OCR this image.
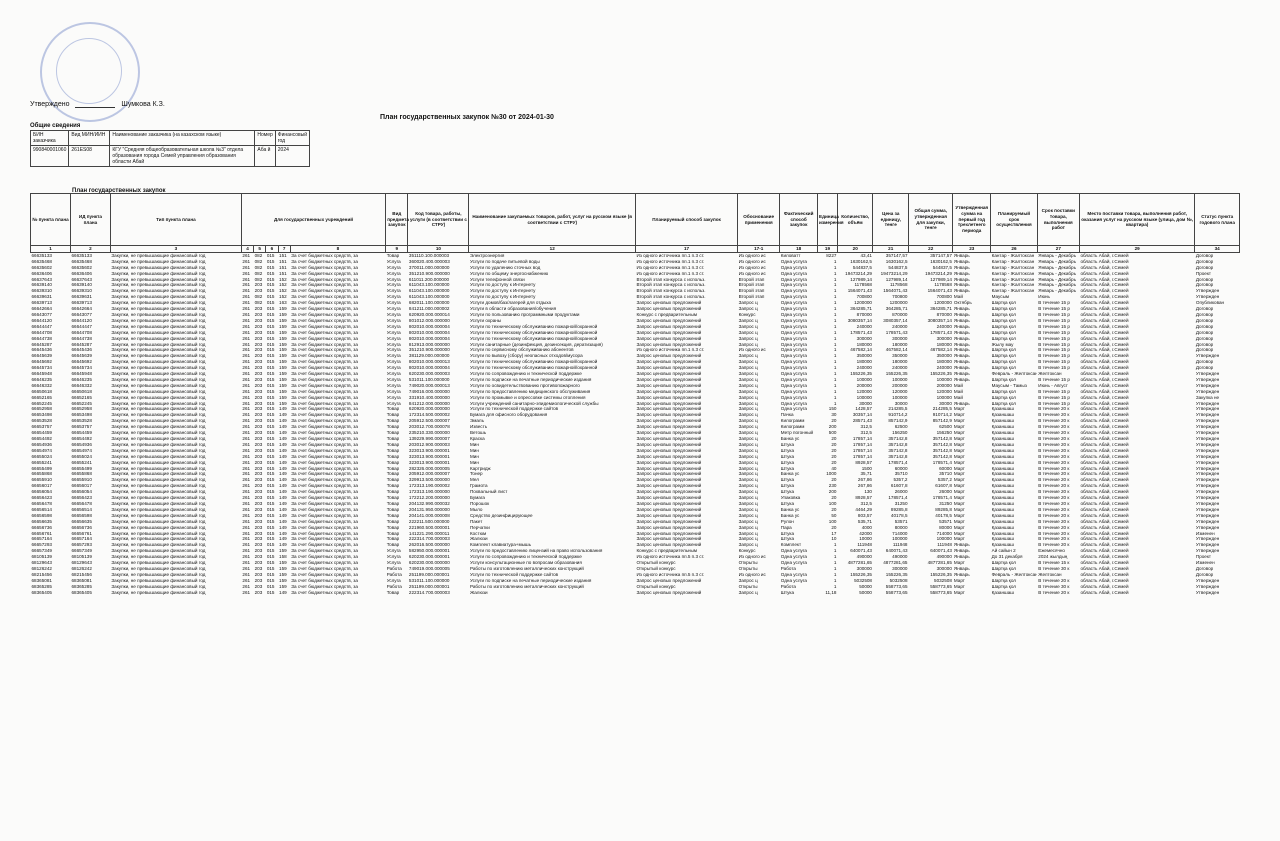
Утверждено	Шумкова К.З.
План государственных закупок №30 от 2024-01-30
Общие сведения
БИН заказчика	Вид МИН/ИИН	Наименование заказчика (на казахском языке)	Номер	Финансовый год
990840001060	261ES08	КГУ "Средняя общеобразовательная школа №3" отдела образования города Семей управления образования области Абай	Аба й	2024
План государственных закупок
№ пункта плана	ИД пункта плана	Тип пункта плана	Для государственных учреждений					Вид предмета закупок	Код товара, работы, услуги (в соответствии с СТРУ)	Наименование закупаемых товаров, работ, услуг на русском языке (в соответствии с СТРУ)	Планируемый способ закупок	Обоснование применения	Фактический способ закупок	Единица измерения	Количество, объём	Цена за единицу, тенге	Общая сумма, утвержденная для закупки, тенге	Утвержденная сумма на первый год трехлетнего периода	Планируемый срок осуществления	Срок поставки товара, выполнения работ	Место поставки товара, выполнения работ, оказания услуг на русском языке (улица, дом №, квартира)	Статус пункта годового плана
1	2	3	4	5	6	7	8	9	10	12	17	17-1	18	19	20	21	22	23	26	27	29	34
66635133	66635133	Закупки, не превышающие финансовый год	261	082	015	151	За счет бюджетных средств, за	Товар	351110.100.000003	Электроэнергия	Из одного источника пп.1 п.3 ст.	Из одного ис	Киловатт	8227	43,41	357147,57	357147,57	Январь	Кантар - Жалтоксан	Январь - Декабрь	область Абай, г.Семей	Договор
66635468	66635468	Закупки, не превышающие финансовый год	261	082	015	151	За счет бюджетных средств, за	Услуга	360020.400.000003	Услуги по подаче питьевой воды	Из одного источника пп.1 п.3 ст.	Из одного ис	Одна услуга	1	1630162,5	1630162,5	1630162,5	Январь	Кантар - Жалтоксан	Январь - Декабрь	область Абай, г.Семей	Договор
66635602	66635602	Закупки, не превышающие финансовый год	261	082	015	151	За счет бюджетных средств, за	Услуга	370011.000.000000	Услуги по удалению сточных вод	Из одного источника пп.1 п.3 ст.	Из одного ис	Одна услуга	1	544837,5	544837,5	544837,5	Январь	Кантар - Жалтоксан	Январь - Декабрь	область Абай, г.Семей	Договор
66636406	66636406	Закупки, не превышающие финансовый год	261	082	015	151	За счет бюджетных средств, за	Услуга	351210.900.000000	Услуги по общему энергоснабжению	Из одного источника пп.1 п.3 ст.	Из одного ис	Одна услуга	1	19473214,29	19473214,29	19473214,29	Январь	Кантар - Жалтоксан	Январь - Декабрь	область Абай, г.Семей	Проект
66637643	66637643	Закупки, не превышающие финансовый год	261	082	015	152	За счет бюджетных средств, за	Услуга	611011.200.000000	Услуги телефонной связи	Второй этап конкурса с использ.	Второй этап	Одна услуга	1	127989,14	127989,14	127989,14	Январь	Кантар - Жалтоксан	Январь - Декабрь	область Абай, г.Семей	Договор
66639140	66639140	Закупки, не превышающие финансовый год	261	203	015	152	За счет бюджетных средств, за	Услуга	611043.100.000000	Услуги по доступу к Интернету	Второй этап конкурса с использ.	Второй этап	Одна услуга	1	1178568	1178568	1178568	Январь	Кантар - Жалтоксан	Январь - Декабрь	область Абай, г.Семей	Договор
66639310	66639310	Закупки, не превышающие финансовый год	261	203	015	152	За счет бюджетных средств, за	Услуга	611043.100.000000	Услуги по доступу к Интернету	Второй этап конкурса с использ.	Второй этап	Одна услуга	1	1564071,43	1564071,43	1564071,43	Январь	Кантар - Жалтоксан	Январь - Декабрь	область Абай, г.Семей	Утвержден
66639631	66639631	Закупки, не превышающие финансовый год	261	082	015	152	За счет бюджетных средств, за	Услуга	611043.100.000000	Услуги по доступу к Интернету	Второй этап конкурса с использ.	Второй этап	Одна услуга	1	700800	700800	700800	Май	Маусым	Июнь	область Абай, г.Семей	Утвержден
66639713	66639713	Закупки, не превышающие финансовый год	261	082	015	163	За счет бюджетных средств, за	Услуга	682011.100.000000	Услуги домов/баз/лагерей для отдыха	Запрос ценовых предложений	Запрос ц	Одна услуга	1	1200000	1200000	1200000	Октябрь	Шартқа қол	В течение 15 р	область Абай, г.Семей	Опубликован
66642664	66642664	Закупки, не превышающие финансовый год	261	203	015	159	За счет бюджетных средств, за	Услуга	841211.000.000002	Услуги в области образования/обучения	Запрос ценовых предложений	Запрос ц	Одна услуга	1	364285,71	364285,71	364285,71	Январь	Шартқа қол	В течение 15 р	область Абай, г.Семей	Договор
66643077	66643077	Закупки, не превышающие финансовый год	261	203	015	159	За счет бюджетных средств, за	Услуга	620920.000.000014	Услуги по пользованию программными продуктами	Конкурс с предварительным	Конкурс	Одна услуга	1	870000	870000	870000	Январь	Шартқа қол	В течение 15 р	область Абай, г.Семей	Договор
66644120	66644120	Закупки, не превышающие финансовый год	261	203	015	159	За счет бюджетных средств, за	Услуга	801012.000.000000	Услуги охраны	Запрос ценовых предложений	Запрос ц	Одна услуга	1	3080357,14	3080357,14	3080357,14	Январь	Шартқа қол	В течение 15 р	область Абай, г.Семей	Договор
66644447	66644447	Закупки, не превышающие финансовый год	261	203	015	159	За счет бюджетных средств, за	Услуга	802010.000.000004	Услуги по техническому обслуживанию пожарной/охранной	Запрос ценовых предложений	Запрос ц	Одна услуга	1	240000	240000	240000	Январь	Шартқа қол	В течение 15 р	область Абай, г.Семей	Договор
66644708	66644708	Закупки, не превышающие финансовый год	261	203	015	159	За счет бюджетных средств, за	Услуга	802010.000.000004	Услуги по техническому обслуживанию пожарной/охранной	Запрос ценовых предложений	Запрос ц	Одна услуга	1	178571,43	178571,43	178571,43	Январь	Шартқа қол	В течение 15 р	область Абай, г.Семей	Договор
66644738	66644738	Закупки, не превышающие финансовый год	261	203	015	159	За счет бюджетных средств, за	Услуга	802010.000.000004	Услуги по техническому обслуживанию пожарной/охранной	Запрос ценовых предложений	Запрос ц	Одна услуга	1	300000	300000	300000	Январь	Шартқа қол	В течение 15 р	область Абай, г.Семей	Договор
66645287	66645287	Закупки, не превышающие финансовый год	261	203	015	159	За счет бюджетных средств, за	Услуга	812913.000.000000	Услуги санитарные (дезинфекция, дезинсекция, дератизация)	Запрос ценовых предложений	Запрос ц	Одна услуга	1	180000	180000	180000	Январь	Жылу мау	В течение 15 р	область Абай, г.Семей	Договор
66645436	66645436	Закупки, не превышающие финансовый год	261	203	015	159	За счет бюджетных средств, за	Услуга	351210.900.000000	Услуги по сервисному обслуживанию абонентов	Из одного источника пп.1 п.3 ст.	Из одного ис	Одна услуга	1	467582,14	467582,14	467582,14	Январь	Шартқа қол	В течение 15 р	область Абай, г.Семей	Договор
66645639	66645639	Закупки, не превышающие финансовый год	261	203	015	159	За счет бюджетных средств, за	Услуга	381129.000.000000	Услуги по вывозу (сбору) неопасных отходов/мусора	Запрос ценовых предложений	Запрос ц	Одна услуга	1	350000	350000	350000	Январь	Шартқа қол	В течение 15 р	область Абай, г.Семей	Утвержден
66645692	66645692	Закупки, не превышающие финансовый год	261	203	015	159	За счет бюджетных средств, за	Услуга	802010.000.000013	Услуги по техническому обслуживанию пожарной/охранной	Запрос ценовых предложений	Запрос ц	Одна услуга	1	180000	180000	180000	Январь	Шартқа қол	В течение 15 р	область Абай, г.Семей	Договор
66645734	66645734	Закупки, не превышающие финансовый год	261	203	015	159	За счет бюджетных средств, за	Услуга	802010.000.000004	Услуги по техническому обслуживанию пожарной/охранной	Запрос ценовых предложений	Запрос ц	Одна услуга	1	240000	240000	240000	Январь	Шартқа қол	В течение 15 р	область Абай, г.Семей	Договор
66645948	66645948	Закупки, не превышающие финансовый год	261	203	015	159	За счет бюджетных средств, за	Услуга	620230.000.000003	Услуги по сопровождению и технической поддержке	Запрос ценовых предложений	Запрос ц	Одна услуга	1	155226,35	155226,35	155226,35	Январь	Февраль - Желтоксан	Желтоксан	область Абай, г.Семей	Утвержден
66646235	66646235	Закупки, не превышающие финансовый год	261	203	015	159	За счет бюджетных средств, за	Услуга	531011.100.000000	Услуги по подписке на печатные периодические издания	Запрос ценовых предложений	Запрос ц	Одна услуга	1	100000	100000	100000	Январь	Шартқа қол	В течение 15 р	область Абай, г.Семей	Утвержден
66646332	66646332	Закупки, не превышающие финансовый год	261	203	015	159	За счет бюджетных средств, за	Услуга	749020.000.000013	Услуги по освидетельствованию противопожарного	Запрос ценовых предложений	Запрос ц	Одна услуга	1	200000	200000	200000	Май	Маусым - Тамыз	Июнь - Август	область Абай, г.Семей	Утвержден
66650618	66650618	Закупки, не превышающие финансовый год	261	203	015	159	За счет бюджетных средств, за	Услуга	749016.000.000000	Услуги по предоставлению медицинского обслуживания	Запрос ценовых предложений	Запрос ц	Одна услуга	1	120000	120000	120000	Май	Шартқа қол	В течение 15 р	область Абай, г.Семей	Утвержден
66652165	66652165	Закупки, не превышающие финансовый год	261	203	015	159	За счет бюджетных средств, за	Услуга	331910.400.000000	Услуги по промывке и опрессовке системы отопления	Запрос ценовых предложений	Запрос ц	Одна услуга	1	100000	100000	100000	Май	Шартқа қол	В течение 15 р	область Абай, г.Семей	Закупка не
66652245	66652245	Закупки, не превышающие финансовый год	261	203	015	159	За счет бюджетных средств, за	Услуга	841212.000.000000	Услуги учреждений санитарно-эпидемиологической службы	Запрос ценовых предложений	Запрос ц	Одна услуга	1	30000	30000	30000	Январь	Шартқа қол	В течение 15 р	область Абай, г.Семей	Утвержден
66652958	66652958	Закупки, не превышающие финансовый год	261	203	015	149	За счет бюджетных средств, за	Товар	620920.000.000000	Услуги по технической поддержке сайтов	Запрос ценовых предложений	Запрос ц	Одна услуга	150	1428,57	214285,5	214285,5	Март	Қазаншаш	В течение 20 к	область Абай, г.Семей	Утвержден
66653498	66653498	Закупки, не превышающие финансовый год	261	203	015	149	За счет бюджетных средств, за	Товар	172314.500.000002	Бумага для офисного оборудования	Запрос ценовых предложений	Запрос ц	Пачка	30	30357,14	910714,2	910714,2	Март	Қазаншаш	В течение 20 к	область Абай, г.Семей	Утвержден
66653528	66653528	Закупки, не превышающие финансовый год	261	203	015	149	За счет бюджетных средств, за	Товар	205912.500.000007	Эмаль	Запрос ценовых предложений	Запрос ц	Килограмм	20	28571,43	857142,9	857142,9	Март	Қазаншаш	В течение 20 к	область Абай, г.Семей	Утвержден
66653757	66653757	Закупки, не превышающие финансовый год	261	203	015	149	За счет бюджетных средств, за	Товар	203012.700.000078	Известь	Запрос ценовых предложений	Запрос ц	Килограмм	200	312,5	62500	62500	Март	Қазаншаш	В течение 20 к	область Абай, г.Семей	Утвержден
66654459	66654459	Закупки, не превышающие финансовый год	261	203	015	149	За счет бюджетных средств, за	Товар	235210.330.000000	Ветошь	Запрос ценовых предложений	Запрос ц	Метр погонный	500	312,5	156250	156250	Март	Қазаншаш	В течение 20 к	область Абай, г.Семей	Утвержден
66654492	66654492	Закупки, не превышающие финансовый год	261	203	015	149	За счет бюджетных средств, за	Товар	139229.990.000007	Краска	Запрос ценовых предложений	Запрос ц	Банка ус	20	17857,14	357142,8	357142,8	Март	Қазаншаш	В течение 20 к	область Абай, г.Семей	Утвержден
66654936	66654936	Закупки, не превышающие финансовый год	261	203	015	149	За счет бюджетных средств, за	Товар	203012.900.000003	Мин	Запрос ценовых предложений	Запрос ц	Штука	20	17857,14	357142,8	357142,8	Март	Қазаншаш	В течение 20 к	область Абай, г.Семей	Утвержден
66654974	66654974	Закупки, не превышающие финансовый год	261	203	015	149	За счет бюджетных средств, за	Товар	323013.900.000001	Мин	Запрос ценовых предложений	Запрос ц	Штука	20	17857,14	357142,8	357142,8	Март	Қазаншаш	В течение 20 к	область Абай, г.Семей	Утвержден
66655024	66655024	Закупки, не превышающие финансовый год	261	203	015	149	За счет бюджетных средств, за	Товар	323013.900.000001	Мин	Запрос ценовых предложений	Запрос ц	Штука	20	17857,14	357142,8	357142,8	Март	Қазаншаш	В течение 20 к	область Абай, г.Семей	Утвержден
66655241	66655241	Закупки, не превышающие финансовый год	261	203	015	149	За счет бюджетных средств, за	Товар	323013.900.000001	Мин	Запрос ценовых предложений	Запрос ц	Штука	20	8928,57	178571,4	178571,4	Март	Қазаншаш	В течение 20 к	область Абай, г.Семей	Утвержден
66655499	66655499	Закупки, не превышающие финансовый год	261	203	015	149	За счет бюджетных средств, за	Товар	282326.000.000005	Картридж	Запрос ценовых предложений	Запрос ц	Штука	40	1500	60000	60000	Март	Қазаншаш	В течение 20 к	область Абай, г.Семей	Утвержден
66655868	66655868	Закупки, не превышающие финансовый год	261	203	015	149	За счет бюджетных средств, за	Товар	205912.000.000007	Тонер	Запрос ценовых предложений	Запрос ц	Банка ус	1000	35,71	35710	35710	Март	Қазаншаш	В течение 20 к	область Абай, г.Семей	Утвержден
66655910	66655910	Закупки, не превышающие финансовый год	261	203	015	149	За счет бюджетных средств, за	Товар	329913.500.000000	Мел	Запрос ценовых предложений	Запрос ц	Штука	20	267,86	5357,2	5357,2	Март	Қазаншаш	В течение 20 к	область Абай, г.Семей	Утвержден
66656017	66656017	Закупки, не превышающие финансовый год	261	203	015	149	За счет бюджетных средств, за	Товар	172313.190.000002	Грамота	Запрос ценовых предложений	Запрос ц	Штука	230	267,86	61607,8	61607,8	Март	Қазаншаш	В течение 20 к	область Абай, г.Семей	Утвержден
66656054	66656054	Закупки, не превышающие финансовый год	261	203	015	149	За счет бюджетных средств, за	Товар	172313.190.000000	Похвальный лист	Запрос ценовых предложений	Запрос ц	Штука	200	130	26000	26000	Март	Қазаншаш	В течение 20 к	область Абай, г.Семей	Утвержден
66656423	66656423	Закупки, не превышающие финансовый год	261	203	015	149	За счет бюджетных средств, за	Товар	172212.200.000000	Бумага	Запрос ценовых предложений	Запрос ц	Упаковка	20	8928,57	178571,4	178571,4	Март	Қазаншаш	В течение 20 к	область Абай, г.Семей	Утвержден
66656478	66656478	Закупки, не превышающие финансовый год	261	203	015	149	За счет бюджетных средств, за	Товар	204132.990.000032	Порошок	Запрос ценовых предложений	Запрос ц	Штука	100	312,5	31250	31250	Март	Қазаншаш	В течение 20 к	область Абай, г.Семей	Утвержден
66656514	66656514	Закупки, не превышающие финансовый год	261	203	015	149	За счет бюджетных средств, за	Товар	204131.950.000000	Мыло	Запрос ценовых предложений	Запрос ц	Банка ус	20	4464,29	89285,8	89285,8	Март	Қазаншаш	В течение 20 к	область Абай, г.Семей	Утвержден
66656598	66656598	Закупки, не превышающие финансовый год	261	203	015	149	За счет бюджетных средств, за	Товар	204141.000.000008	Средство дезинфицирующее	Запрос ценовых предложений	Запрос ц	Банка ус	50	803,57	40178,5	40178,5	Март	Қазаншаш	В течение 20 к	область Абай, г.Семей	Утвержден
66656635	66656635	Закупки, не превышающие финансовый год	261	203	015	149	За счет бюджетных средств, за	Товар	222211.500.000000	Пакет	Запрос ценовых предложений	Запрос ц	Рулон	100	535,71	53571	53571	Март	Қазаншаш	В течение 20 к	область Абай, г.Семей	Утвержден
66656736	66656736	Закупки, не превышающие финансовый год	261	203	015	149	За счет бюджетных средств, за	Товар	221960.500.000001	Перчатки	Запрос ценовых предложений	Запрос ц	Пара	20	4000	80000	80000	Март	Қазаншаш	В течение 20 к	область Абай, г.Семей	Утвержден
66656761	66656761	Закупки, не превышающие финансовый год	261	203	015	149	За счет бюджетных средств, за	Товар	141221.290.000011	Костюм	Запрос ценовых предложений	Запрос ц	Штука	17	42000	714000	714000	Март	Қазаншаш	В течение 20 к	область Абай, г.Семей	Изменен
66657164	66657164	Закупки, не превышающие финансовый год	261	203	015	149	За счет бюджетных средств, за	Товар	222314.700.000003	Жалюзи	Запрос ценовых предложений	Запрос ц	Штука	10	10000	100000	100000	Март	Қазаншаш	В течение 20 к	область Абай, г.Семей	Утвержден
66657293	66657293	Закупки, не превышающие финансовый год	261	203	015	149	За счет бюджетных средств, за	Товар	262016.500.000000	Комплект клавиатура+мышь	Запрос ценовых предложений	Запрос ц	Комплект	1	111948	111948	111948	Январь	Қазаншаш	В течение 20 к	область Абай, г.Семей	Утвержден
66657349	66657349	Закупки, не превышающие финансовый год	261	203	015	159	За счет бюджетных средств, за	Услуга	582950.000.000001	Услуги по предоставлению лицензий на право использования	Конкурс с предварительным	Конкурс	Одна услуга	1	640071,43	640071,43	640071,43	Январь	Ай сайын 2	Ежемесячно	область Абай, г.Семей	Утвержден
68105139	68105139	Закупки, не превышающие финансовый год	261	203	015	158	За счет бюджетных средств, за	Услуга	620230.000.000001	Услуги по сопровождению и технической поддержке	Из одного источника пп.5 п.3 ст.	Из одного ис	Одна услуга	1	490000	490000	490000	Январь	До 31 декабря	2024 жылдың	область Абай, г.Семей	Проект
68129643	68129643	Закупки, не превышающие финансовый год	261	203	015	159	За счет бюджетных средств, за	Услуга	620230.000.000000	Услуги консультационные по вопросам образования	Открытый конкурс	Открыты	Одна услуга	1	4877281,65	4877281,65	4877281,65	Март	Шартқа қол	В течение 15 к	область Абай, г.Семей	Изменен
68126242	68126242	Закупки, не превышающие финансовый год	261	203	015	159	За счет бюджетных средств, за	Работа	749019.000.000005	Работы по изготовлению металлических конструкций	Открытый конкурс	Открыты	Работа	1	300000	300000	300000	Январь	Шартқа қол	В течение 30 к	область Абай, г.Семей	Договор
68215456	68215456	Закупки, не превышающие финансовый год	261	203	015	159	За счет бюджетных средств, за	Работа	251199.000.000001	Услуги по технической поддержке сайтов	Из одного источника пп.5 п.3 ст.	Из одного ис	Одна услуга	1	155226,35	155226,35	155226,35	Январь	Февраль - Желтоксан	Желтоксан	область Абай, г.Семей	Договор
68365081	68365081	Закупки, не превышающие финансовый год	261	203	015	159	За счет бюджетных средств, за	Услуга	531011.100.000000	Услуги по подписке на печатные периодические издания	Запрос ценовых предложений	Запрос ц	Одна услуга	1	5032508	5032508	5032508	Март	Шартқа қол	В течение 20 к	область Абай, г.Семей	Утвержден
68365285	68365285	Закупки, не превышающие финансовый год	261	203	015	159	За счет бюджетных средств, за	Работа	251199.000.000001	Работы по изготовлению металлических конструкций	Открытый конкурс	Открыты	Работа	1	50000	558773,65	558773,65	Март	Шартқа қол	В течение 30 к	область Абай, г.Семей	Утвержден
68365405	68365405	Закупки, не превышающие финансовый год	261	203	015	149	За счет бюджетных средств, за	Товар	222314.700.000003	Жалюзи	Запрос ценовых предложений	Запрос ц	Штука	11,18	50000	558773,65	558773,65	Март	Қазаншаш	В течение 20 к	область Абай, г.Семей	Утвержден
